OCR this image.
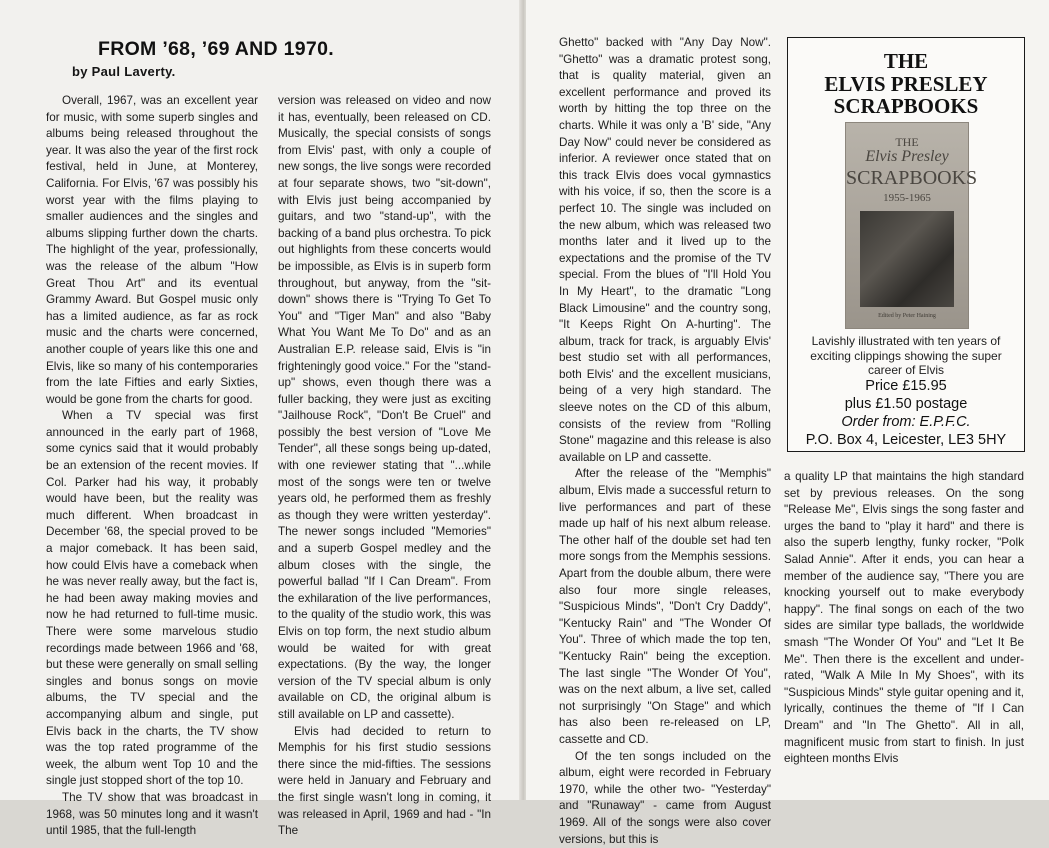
FROM ’68, ’69 AND 1970.
by Paul Laverty.

Overall, 1967, was an excellent year for music, with some superb singles and albums being released throughout the year. It was also the year of the first rock festival, held in June, at Monterey, California. For Elvis, '67 was possibly his worst year with the films playing to smaller audiences and the singles and albums slipping further down the charts. The highlight of the year, professionally, was the release of the album "How Great Thou Art" and its eventual Grammy Award. But Gospel music only has a limited audience, as far as rock music and the charts were concerned, another couple of years like this one and Elvis, like so many of his contemporaries from the late Fifties and early Sixties, would be gone from the charts for good.

When a TV special was first announced in the early part of 1968, some cynics said that it would probably be an extension of the recent movies. If Col. Parker had his way, it probably would have been, but the reality was much different. When broadcast in December '68, the special proved to be a major comeback. It has been said, how could Elvis have a comeback when he was never really away, but the fact is, he had been away making movies and now he had returned to full-time music. There were some marvelous studio recordings made between 1966 and '68, but these were generally on small selling singles and bonus songs on movie albums, the TV special and the accompanying album and single, put Elvis back in the charts, the TV show was the top rated programme of the week, the album went Top 10 and the single just stopped short of the top 10.

The TV show that was broadcast in 1968, was 50 minutes long and it wasn't until 1985, that the full-length

version was released on video and now it has, eventually, been released on CD. Musically, the special consists of songs from Elvis' past, with only a couple of new songs, the live songs were recorded at four separate shows, two "sit-down", with Elvis just being accompanied by guitars, and two "stand-up", with the backing of a band plus orchestra. To pick out highlights from these concerts would be impossible, as Elvis is in superb form throughout, but anyway, from the "sit-down" shows there is "Trying To Get To You" and "Tiger Man" and also "Baby What You Want Me To Do" and as an Australian E.P. release said, Elvis is "in frighteningly good voice." For the "stand-up" shows, even though there was a fuller backing, they were just as exciting "Jailhouse Rock", "Don't Be Cruel" and possibly the best version of "Love Me Tender", all these songs being up-dated, with one reviewer stating that "...while most of the songs were ten or twelve years old, he performed them as freshly as though they were written yesterday". The newer songs included "Memories" and a superb Gospel medley and the album closes with the single, the powerful ballad "If I Can Dream". From the exhilaration of the live performances, to the quality of the studio work, this was Elvis on top form, the next studio album would be waited for with great expectations. (By the way, the longer version of the TV special album is only available on CD, the original album is still available on LP and cassette).

Elvis had decided to return to Memphis for his first studio sessions there since the mid-fifties. The sessions were held in January and February and the first single wasn't long in coming, it was released in April, 1969 and had - "In The

Ghetto" backed with "Any Day Now". "Ghetto" was a dramatic protest song, that is quality material, given an excellent performance and proved its worth by hitting the top three on the charts. While it was only a 'B' side, "Any Day Now" could never be considered as inferior. A reviewer once stated that on this track Elvis does vocal gymnastics with his voice, if so, then the score is a perfect 10. The single was included on the new album, which was released two months later and it lived up to the expectations and the promise of the TV special. From the blues of "I'll Hold You In My Heart", to the dramatic "Long Black Limousine" and the country song, "It Keeps Right On A-hurting". The album, track for track, is arguably Elvis' best studio set with all performances, both Elvis' and the excellent musicians, being of a very high standard. The sleeve notes on the CD of this album, consists of the review from "Rolling Stone" magazine and this release is also available on LP and cassette.

After the release of the "Memphis" album, Elvis made a successful return to live performances and part of these made up half of his next album release. The other half of the double set had ten more songs from the Memphis sessions. Apart from the double album, there were also four more single releases, "Suspicious Minds", "Don't Cry Daddy", "Kentucky Rain" and "The Wonder Of You". Three of which made the top ten, "Kentucky Rain" being the exception. The last single "The Wonder Of You", was on the next album, a live set, called not surprisingly "On Stage" and which has also been re-released on LP, cassette and CD.

Of the ten songs included on the album, eight were recorded in February 1970, while the other two- "Yesterday" and "Runaway" - came from August 1969. All of the songs were also cover versions, but this is

THE
ELVIS PRESLEY
SCRAPBOOKS
THE
Elvis Presley
SCRAPBOOKS
1955-1965
Edited by Peter Haining
Lavishly illustrated with ten years of exciting clippings showing the super career of Elvis
Price £15.95
plus £1.50 postage
Order from: E.P.F.C.
P.O. Box 4, Leicester, LE3 5HY

a quality LP that maintains the high standard set by previous releases. On the song "Release Me", Elvis sings the song faster and urges the band to "play it hard" and there is also the superb lengthy, funky rocker, "Polk Salad Annie". After it ends, you can hear a member of the audience say, "There you are knocking yourself out to make everybody happy". The final songs on each of the two sides are similar type ballads, the worldwide smash "The Wonder Of You" and "Let It Be Me". Then there is the excellent and under-rated, "Walk A Mile In My Shoes", with its "Suspicious Minds" style guitar opening and it, lyrically, continues the theme of "If I Can Dream" and "In The Ghetto". All in all, magnificent music from start to finish. In just eighteen months Elvis
